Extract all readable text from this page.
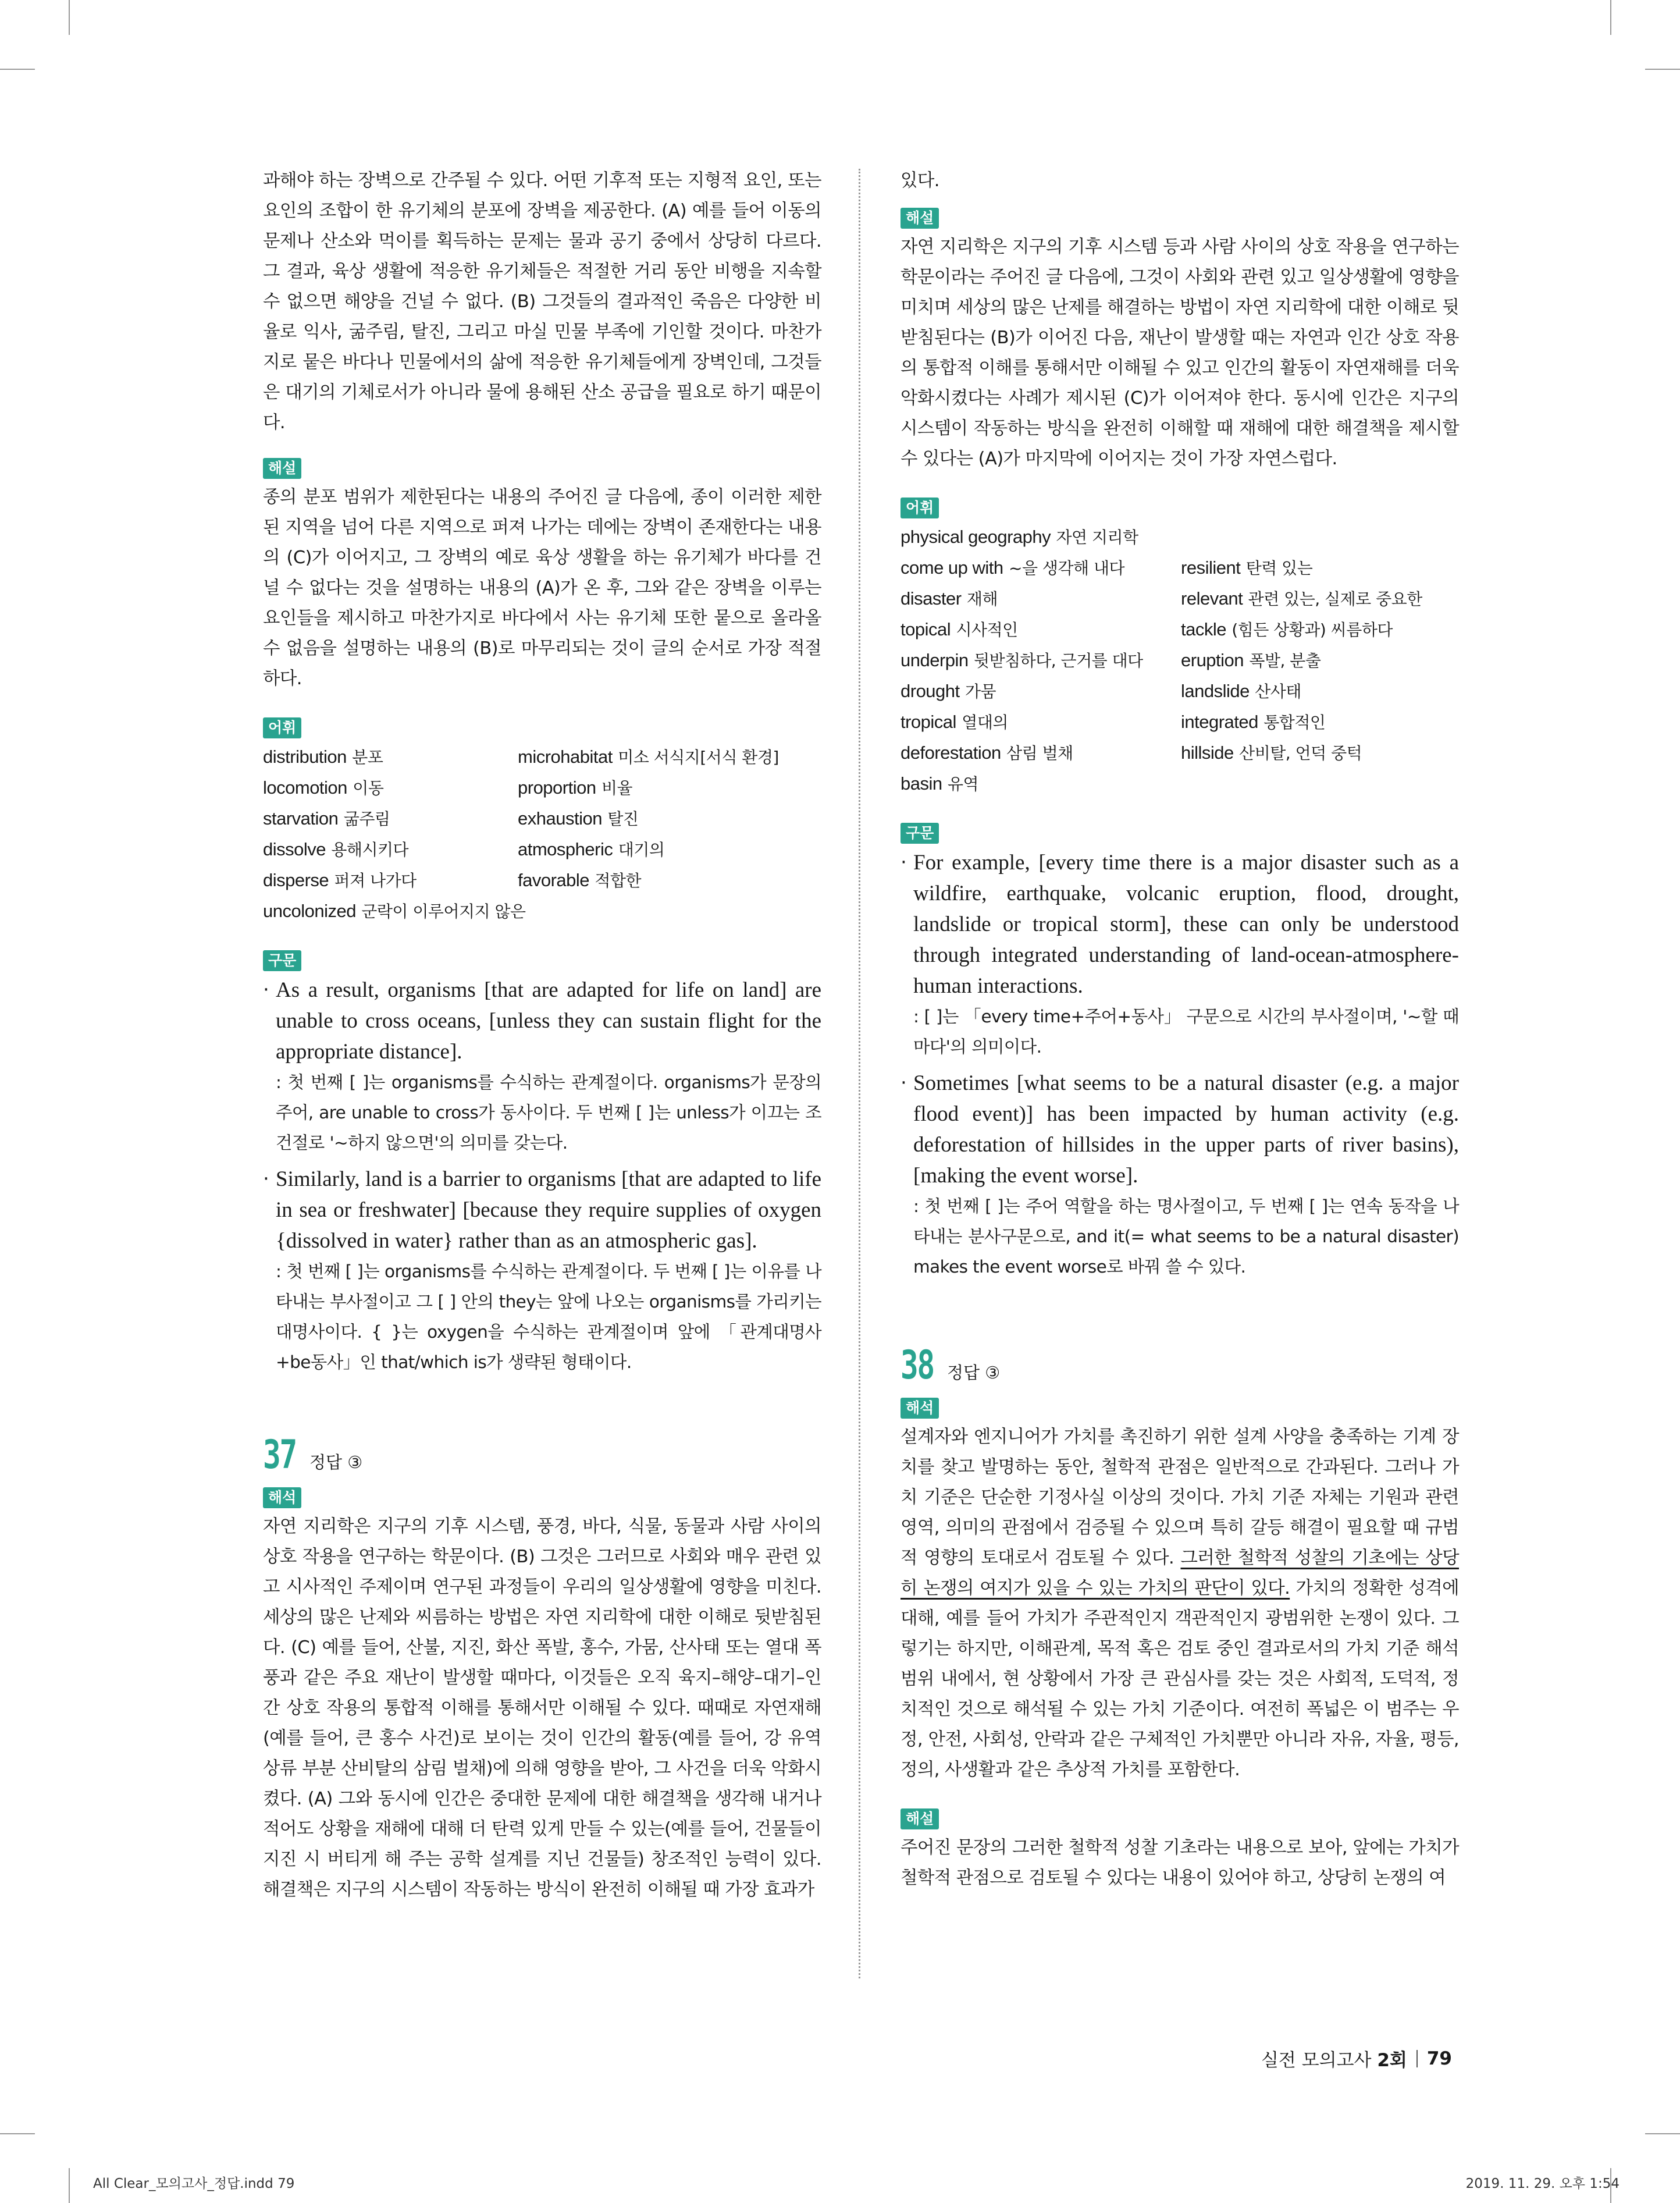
과해야 하는 장벽으로 간주될 수 있다. 어떤 기후적 또는 지형적 요인, 또는 요인의 조합이 한 유기체의 분포에 장벽을 제공한다. (A) 예를 들어 이동의 문제나 산소와 먹이를 획득하는 문제는 물과 공기 중에서 상당히 다르다. 그 결과, 육상 생활에 적응한 유기체들은 적절한 거리 동안 비행을 지속할 수 없으면 해양을 건널 수 없다. (B) 그것들의 결과적인 죽음은 다양한 비율로 익사, 굶주림, 탈진, 그리고 마실 민물 부족에 기인할 것이다. 마찬가지로 뭍은 바다나 민물에서의 삶에 적응한 유기체들에게 장벽인데, 그것들은 대기의 기체로서가 아니라 물에 용해된 산소 공급을 필요로 하기 때문이다.

해설

종의 분포 범위가 제한된다는 내용의 주어진 글 다음에, 종이 이러한 제한된 지역을 넘어 다른 지역으로 퍼져 나가는 데에는 장벽이 존재한다는 내용의 (C)가 이어지고, 그 장벽의 예로 육상 생활을 하는 유기체가 바다를 건널 수 없다는 것을 설명하는 내용의 (A)가 온 후, 그와 같은 장벽을 이루는 요인들을 제시하고 마찬가지로 바다에서 사는 유기체 또한 뭍으로 올라올 수 없음을 설명하는 내용의 (B)로 마무리되는 것이 글의 순서로 가장 적절하다.

어휘
distribution 분포	microhabitat 미소 서식지[서식 환경]
locomotion 이동	proportion 비율
starvation 굶주림	exhaustion 탈진
dissolve 용해시키다	atmospheric 대기의
disperse 퍼져 나가다	favorable 적합한
uncolonized 군락이 이루어지지 않은
구문

· As a result, organisms [that are adapted for life on land] are unable to cross oceans, [unless they can sustain flight for the appropriate distance].

: 첫 번째 [ ]는 organisms를 수식하는 관계절이다. organisms가 문장의 주어, are unable to cross가 동사이다. 두 번째 [ ]는 unless가 이끄는 조건절로 '~하지 않으면'의 의미를 갖는다.

· Similarly, land is a barrier to organisms [that are adapted to life in sea or freshwater] [because they require supplies of oxygen {dissolved in water} rather than as an atmospheric gas].

: 첫 번째 [ ]는 organisms를 수식하는 관계절이다. 두 번째 [ ]는 이유를 나타내는 부사절이고 그 [ ] 안의 they는 앞에 나오는 organisms를 가리키는 대명사이다. { }는 oxygen을 수식하는 관계절이며 앞에 「관계대명사+be동사」인 that/which is가 생략된 형태이다.

37 정답 ③
해석

자연 지리학은 지구의 기후 시스템, 풍경, 바다, 식물, 동물과 사람 사이의 상호 작용을 연구하는 학문이다. (B) 그것은 그러므로 사회와 매우 관련 있고 시사적인 주제이며 연구된 과정들이 우리의 일상생활에 영향을 미친다. 세상의 많은 난제와 씨름하는 방법은 자연 지리학에 대한 이해로 뒷받침된다. (C) 예를 들어, 산불, 지진, 화산 폭발, 홍수, 가뭄, 산사태 또는 열대 폭풍과 같은 주요 재난이 발생할 때마다, 이것들은 오직 육지–해양–대기–인간 상호 작용의 통합적 이해를 통해서만 이해될 수 있다. 때때로 자연재해(예를 들어, 큰 홍수 사건)로 보이는 것이 인간의 활동(예를 들어, 강 유역 상류 부분 산비탈의 삼림 벌채)에 의해 영향을 받아, 그 사건을 더욱 악화시켰다. (A) 그와 동시에 인간은 중대한 문제에 대한 해결책을 생각해 내거나 적어도 상황을 재해에 대해 더 탄력 있게 만들 수 있는(예를 들어, 건물들이 지진 시 버티게 해 주는 공학 설계를 지닌 건물들) 창조적인 능력이 있다. 해결책은 지구의 시스템이 작동하는 방식이 완전히 이해될 때 가장 효과가

있다.

해설

자연 지리학은 지구의 기후 시스템 등과 사람 사이의 상호 작용을 연구하는 학문이라는 주어진 글 다음에, 그것이 사회와 관련 있고 일상생활에 영향을 미치며 세상의 많은 난제를 해결하는 방법이 자연 지리학에 대한 이해로 뒷받침된다는 (B)가 이어진 다음, 재난이 발생할 때는 자연과 인간 상호 작용의 통합적 이해를 통해서만 이해될 수 있고 인간의 활동이 자연재해를 더욱 악화시켰다는 사례가 제시된 (C)가 이어져야 한다. 동시에 인간은 지구의 시스템이 작동하는 방식을 완전히 이해할 때 재해에 대한 해결책을 제시할 수 있다는 (A)가 마지막에 이어지는 것이 가장 자연스럽다.

어휘
physical geography 자연 지리학
come up with ~을 생각해 내다	resilient 탄력 있는
disaster 재해	relevant 관련 있는, 실제로 중요한
topical 시사적인	tackle (힘든 상황과) 씨름하다
underpin 뒷받침하다, 근거를 대다	eruption 폭발, 분출
drought 가뭄	landslide 산사태
tropical 열대의	integrated 통합적인
deforestation 삼림 벌채	hillside 산비탈, 언덕 중턱
basin 유역
구문

· For example, [every time there is a major disaster such as a wildfire, earthquake, volcanic eruption, flood, drought, landslide or tropical storm], these can only be understood through integrated understanding of land-ocean-atmosphere-human interactions.

: [ ]는 「every time+주어+동사」 구문으로 시간의 부사절이며, '~할 때마다'의 의미이다.

· Sometimes [what seems to be a natural disaster (e.g. a major flood event)] has been impacted by human activity (e.g. deforestation of hillsides in the upper parts of river basins), [making the event worse].

: 첫 번째 [ ]는 주어 역할을 하는 명사절이고, 두 번째 [ ]는 연속 동작을 나타내는 분사구문으로, and it(= what seems to be a natural disaster) makes the event worse로 바꿔 쓸 수 있다.

38 정답 ③
해석

설계자와 엔지니어가 가치를 촉진하기 위한 설계 사양을 충족하는 기계 장치를 찾고 발명하는 동안, 철학적 관점은 일반적으로 간과된다. 그러나 가치 기준은 단순한 기정사실 이상의 것이다. 가치 기준 자체는 기원과 관련 영역, 의미의 관점에서 검증될 수 있으며 특히 갈등 해결이 필요할 때 규범적 영향의 토대로서 검토될 수 있다. 그러한 철학적 성찰의 기초에는 상당히 논쟁의 여지가 있을 수 있는 가치의 판단이 있다. 가치의 정확한 성격에 대해, 예를 들어 가치가 주관적인지 객관적인지 광범위한 논쟁이 있다. 그렇기는 하지만, 이해관계, 목적 혹은 검토 중인 결과로서의 가치 기준 해석 범위 내에서, 현 상황에서 가장 큰 관심사를 갖는 것은 사회적, 도덕적, 정치적인 것으로 해석될 수 있는 가치 기준이다. 여전히 폭넓은 이 범주는 우정, 안전, 사회성, 안락과 같은 구체적인 가치뿐만 아니라 자유, 자율, 평등, 정의, 사생활과 같은 추상적 가치를 포함한다.

해설

주어진 문장의 그러한 철학적 성찰 기초라는 내용으로 보아, 앞에는 가치가 철학적 관점으로 검토될 수 있다는 내용이 있어야 하고, 상당히 논쟁의 여

실전 모의고사
2회 79
All Clear_모의고사_정답.indd 79	2019. 11. 29. 오후 1:54
